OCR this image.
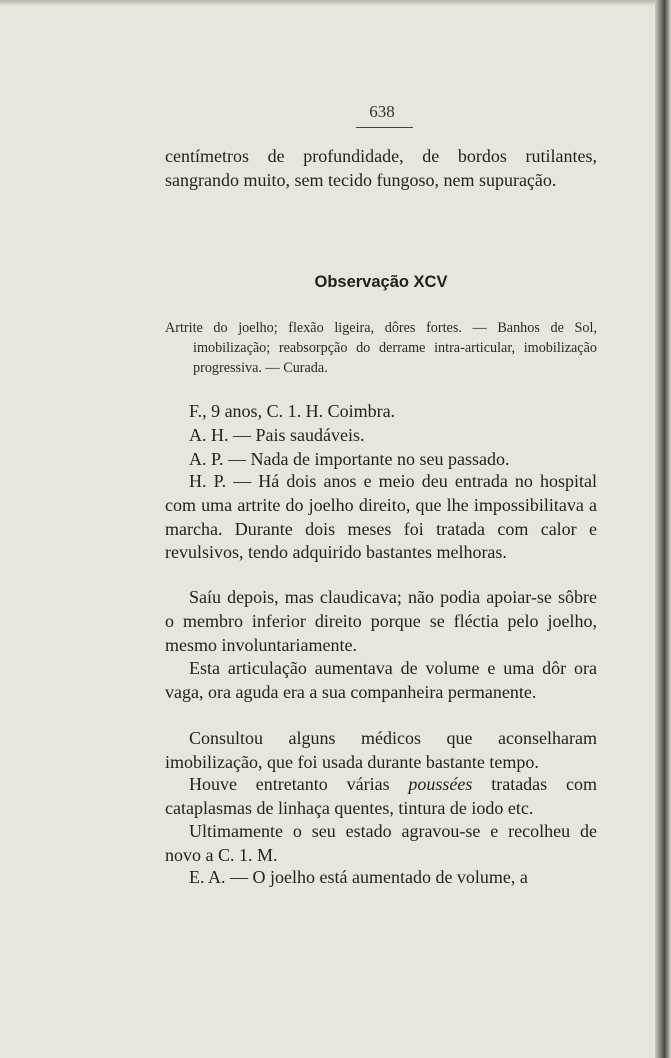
638
centímetros de profundidade, de bordos rutilantes, sangrando muito, sem tecido fungoso, nem supuração.
Observação XCV
Artrite do joelho; flexão ligeira, dôres fortes. — Banhos de Sol, imobilização; reabsorpção do derrame intra-articular, imobilização progressiva. — Curada.
F., 9 anos, C. 1. H. Coimbra.
A. H. — Pais saudáveis.
A. P. — Nada de importante no seu passado.
H. P. — Há dois anos e meio deu entrada no hospital com uma artrite do joelho direito, que lhe impossibilitava a marcha. Durante dois meses foi tratada com calor e revulsivos, tendo adquirido bastantes melhoras.
Saíu depois, mas claudicava; não podia apoiar-se sôbre o membro inferior direito porque se fléctia pelo joelho, mesmo involuntariamente.
Esta articulação aumentava de volume e uma dôr ora vaga, ora aguda era a sua companheira permanente.
Consultou alguns médicos que aconselharam imobilização, que foi usada durante bastante tempo.
Houve entretanto várias poussées tratadas com cataplasmas de linhaça quentes, tintura de iodo etc.
Ultimamente o seu estado agravou-se e recolheu de novo a C. 1. M.
E. A. — O joelho está aumentado de volume, a
